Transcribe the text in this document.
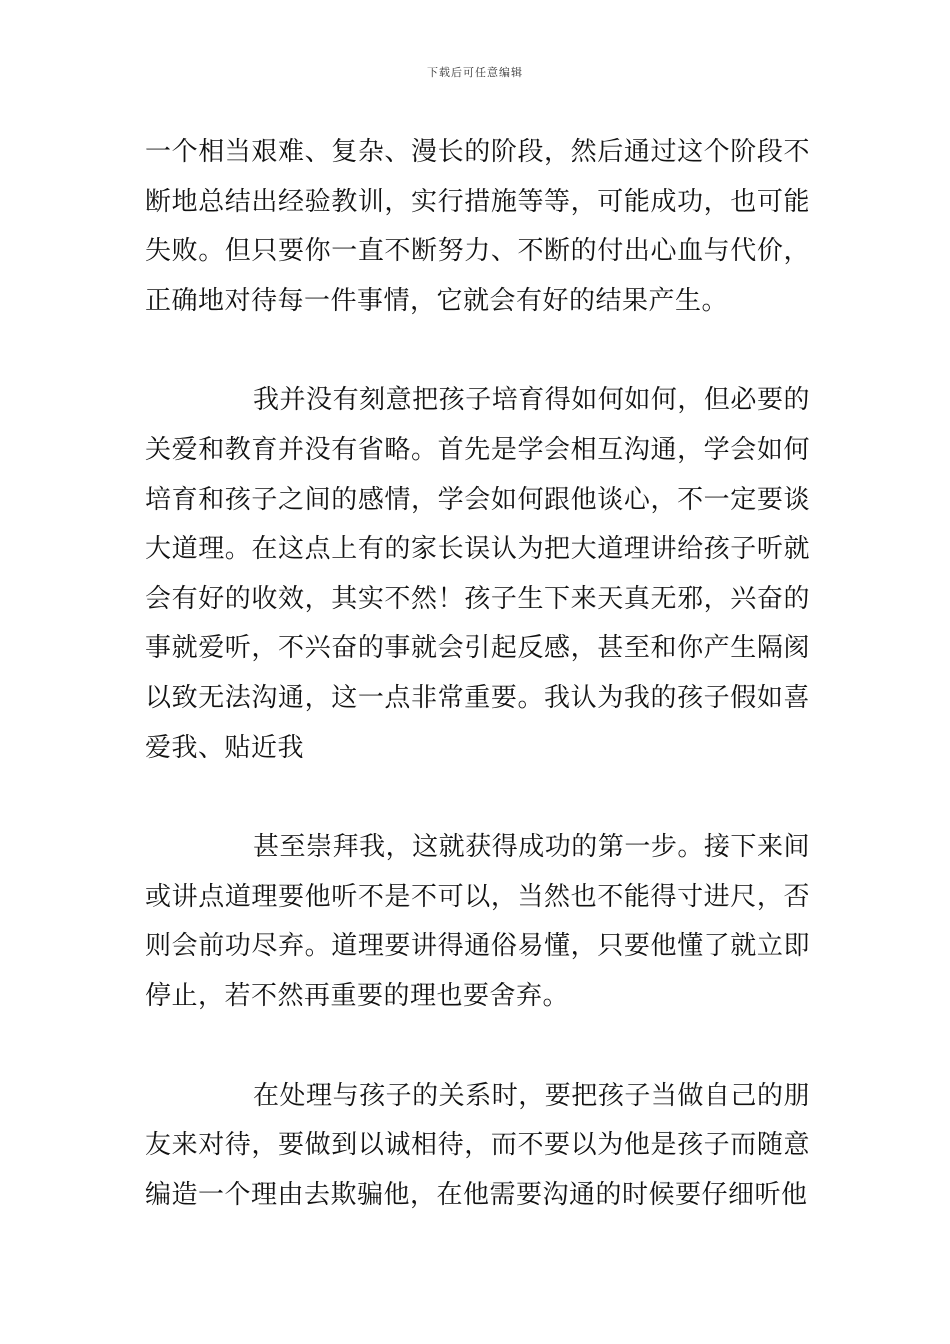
下载后可任意编辑

一个相当艰难、复杂、漫长的阶段，然后通过这个阶段不断地总结出经验教训，实行措施等等，可能成功，也可能失败。但只要你一直不断努力、不断的付出心血与代价，正确地对待每一件事情，它就会有好的结果产生。

我并没有刻意把孩子培育得如何如何，但必要的关爱和教育并没有省略。首先是学会相互沟通，学会如何培育和孩子之间的感情，学会如何跟他谈心，不一定要谈大道理。在这点上有的家长误认为把大道理讲给孩子听就会有好的收效，其实不然！孩子生下来天真无邪，兴奋的事就爱听，不兴奋的事就会引起反感，甚至和你产生隔阂以致无法沟通，这一点非常重要。我认为我的孩子假如喜爱我、贴近我

甚至崇拜我，这就获得成功的第一步。接下来间或讲点道理要他听不是不可以，当然也不能得寸进尺，否则会前功尽弃。道理要讲得通俗易懂，只要他懂了就立即停止，若不然再重要的理也要舍弃。

在处理与孩子的关系时，要把孩子当做自己的朋友来对待，要做到以诚相待，而不要以为他是孩子而随意编造一个理由去欺骗他，在他需要沟通的时候要仔细听他
